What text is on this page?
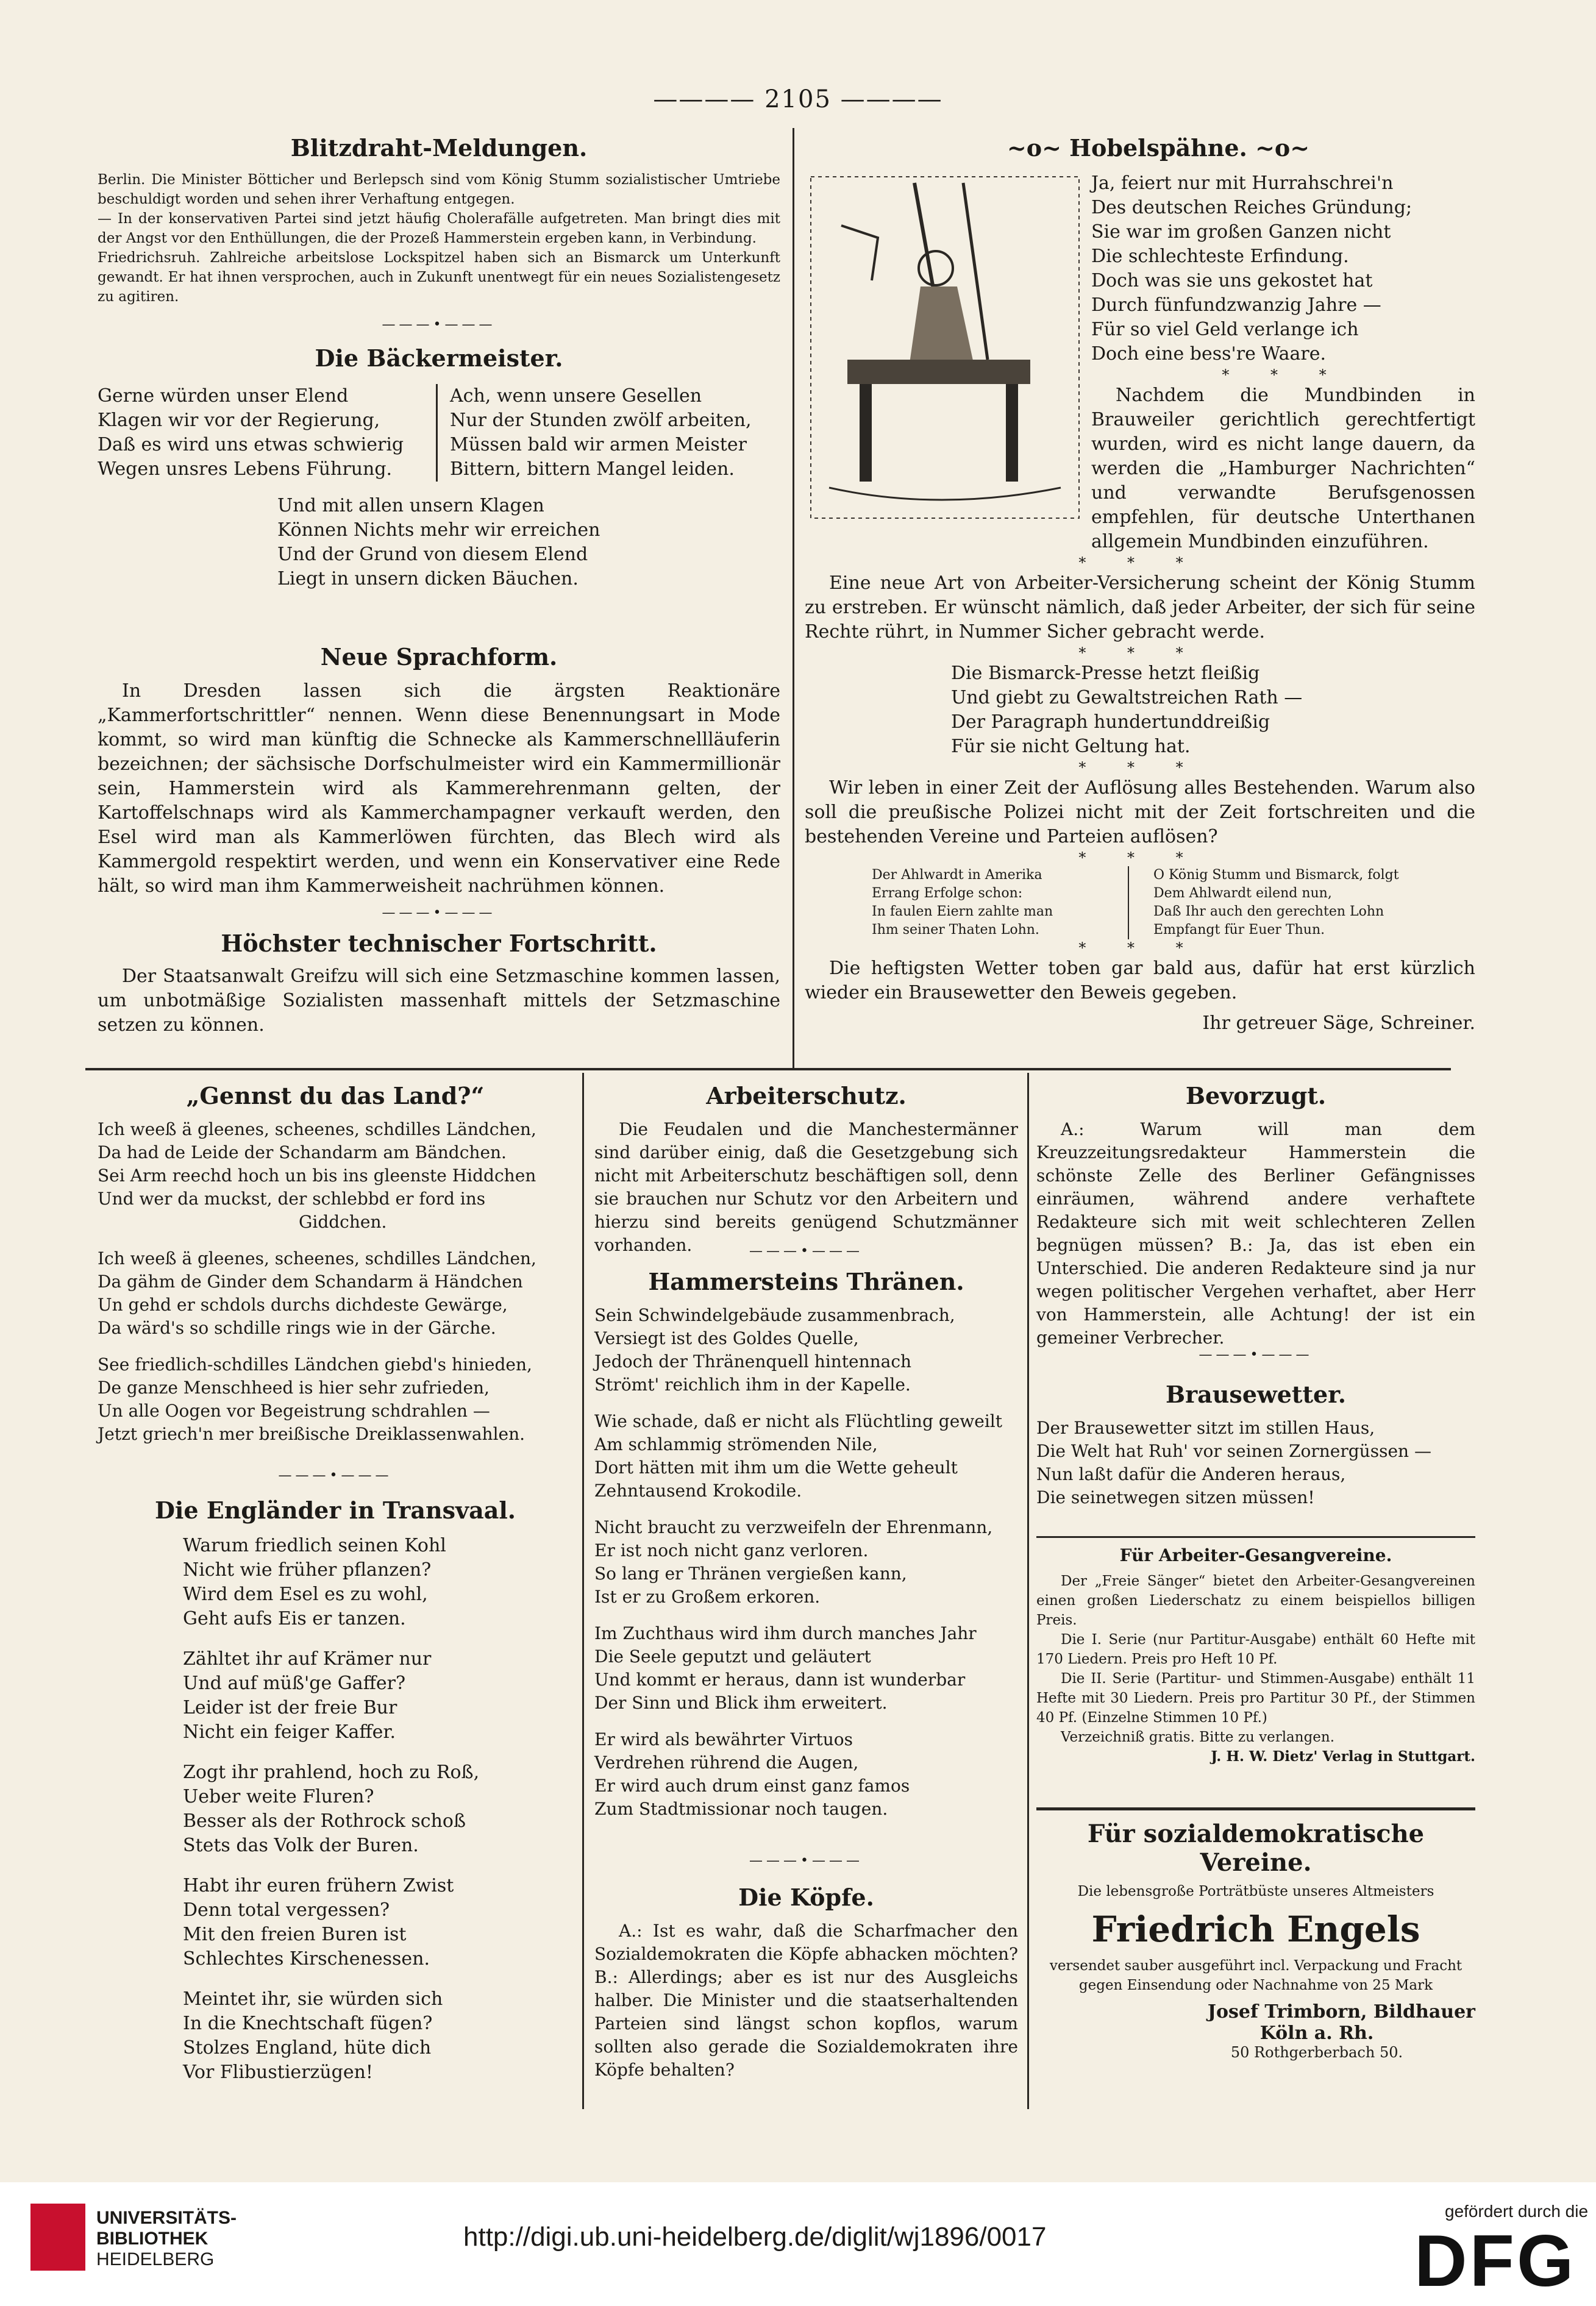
———— 2105 ————
Blitzdraht-Meldungen.
Berlin. Die Minister Bötticher und Berlepsch sind vom König Stumm sozialistischer Umtriebe beschuldigt worden und sehen ihrer Verhaftung entgegen.
— In der konservativen Partei sind jetzt häufig Cholerafälle aufgetreten. Man bringt dies mit der Angst vor den Enthüllungen, die der Prozeß Hammerstein ergeben kann, in Verbindung.
Friedrichsruh. Zahlreiche arbeitslose Lockspitzel haben sich an Bismarck um Unterkunft gewandt. Er hat ihnen versprochen, auch in Zukunft unentwegt für ein neues Sozialistengesetz zu agitiren.
———•———
Die Bäckermeister.
Gerne würden unser Elend
Klagen wir vor der Regierung,
Daß es wird uns etwas schwierig
Wegen unsres Lebens Führung.
Ach, wenn unsere Gesellen
Nur der Stunden zwölf arbeiten,
Müssen bald wir armen Meister
Bittern, bittern Mangel leiden.
Und mit allen unsern Klagen
Können Nichts mehr wir erreichen
Und der Grund von diesem Elend
Liegt in unsern dicken Bäuchen.
Neue Sprachform.
In Dresden lassen sich die ärgsten Reaktionäre „Kammerfortschrittler“ nennen. Wenn diese Benennungsart in Mode kommt, so wird man künftig die Schnecke als Kammerschnellläuferin bezeichnen; der sächsische Dorfschulmeister wird ein Kammermillionär sein, Hammerstein wird als Kammerehrenmann gelten, der Kartoffelschnaps wird als Kammerchampagner verkauft werden, den Esel wird man als Kammerlöwen fürchten, das Blech wird als Kammergold respektirt werden, und wenn ein Konservativer eine Rede hält, so wird man ihm Kammerweisheit nachrühmen können.
———•———
Höchster technischer Fortschritt.
Der Staatsanwalt Greifzu will sich eine Setzmaschine kommen lassen, um unbotmäßige Sozialisten massenhaft mittels der Setzmaschine setzen zu können.
~o~ Hobelspähne. ~o~
Ja, feiert nur mit Hurrahschrei'n
Des deutschen Reiches Gründung;
Sie war im großen Ganzen nicht
Die schlechteste Erfindung.
Doch was sie uns gekostet hat
Durch fünfundzwanzig Jahre —
Für so viel Geld verlange ich
Doch eine bess're Waare.
* * *
Nachdem die Mundbinden in Brauweiler gerichtlich gerechtfertigt wurden, wird es nicht lange dauern, da werden die „Hamburger Nachrichten“ und verwandte Berufsgenossen empfehlen, für deutsche Unterthanen allgemein Mundbinden einzuführen.
* * *
Eine neue Art von Arbeiter-Versicherung scheint der König Stumm zu erstreben. Er wünscht nämlich, daß jeder Arbeiter, der sich für seine Rechte rührt, in Nummer Sicher gebracht werde.
* * *
Die Bismarck-Presse hetzt fleißig
Und giebt zu Gewaltstreichen Rath —
Der Paragraph hundertunddreißig
Für sie nicht Geltung hat.
* * *
Wir leben in einer Zeit der Auflösung alles Bestehenden. Warum also soll die preußische Polizei nicht mit der Zeit fortschreiten und die bestehenden Vereine und Parteien auflösen?
* * *
Der Ahlwardt in Amerika
Errang Erfolge schon:
In faulen Eiern zahlte man
Ihm seiner Thaten Lohn.
O König Stumm und Bismarck, folgt
Dem Ahlwardt eilend nun,
Daß Ihr auch den gerechten Lohn
Empfangt für Euer Thun.
* * *
Die heftigsten Wetter toben gar bald aus, dafür hat erst kürzlich wieder ein Brausewetter den Beweis gegeben.
Ihr getreuer Säge, Schreiner.
„Gennst du das Land?“
Ich weeß ä gleenes, scheenes, schdilles Ländchen,
Da had de Leide der Schandarm am Bändchen.
Sei Arm reechd hoch un bis ins gleenste Hiddchen
Und wer da muckst, der schlebbd er ford ins
Giddchen.
Ich weeß ä gleenes, scheenes, schdilles Ländchen,
Da gähm de Ginder dem Schandarm ä Händchen
Un gehd er schdols durchs dichdeste Gewärge,
Da wärd's so schdille rings wie in der Gärche.
See friedlich-schdilles Ländchen giebd's hinieden,
De ganze Menschheed is hier sehr zufrieden,
Un alle Oogen vor Begeistrung schdrahlen —
Jetzt griech'n mer breißische Dreiklassenwahlen.
———•———
Die Engländer in Transvaal.
Warum friedlich seinen Kohl
Nicht wie früher pflanzen?
Wird dem Esel es zu wohl,
Geht aufs Eis er tanzen.
Zähltet ihr auf Krämer nur
Und auf müß'ge Gaffer?
Leider ist der freie Bur
Nicht ein feiger Kaffer.
Zogt ihr prahlend, hoch zu Roß,
Ueber weite Fluren?
Besser als der Rothrock schoß
Stets das Volk der Buren.
Habt ihr euren frühern Zwist
Denn total vergessen?
Mit den freien Buren ist
Schlechtes Kirschenessen.
Meintet ihr, sie würden sich
In die Knechtschaft fügen?
Stolzes England, hüte dich
Vor Flibustierzügen!
Arbeiterschutz.
Die Feudalen und die Manchestermänner sind darüber einig, daß die Gesetzgebung sich nicht mit Arbeiterschutz beschäftigen soll, denn sie brauchen nur Schutz vor den Arbeitern und hierzu sind bereits genügend Schutzmänner vorhanden.	———•———
Hammersteins Thränen.
Sein Schwindelgebäude zusammenbrach,
Versiegt ist des Goldes Quelle,
Jedoch der Thränenquell hintennach
Strömt' reichlich ihm in der Kapelle.
Wie schade, daß er nicht als Flüchtling geweilt
Am schlammig strömenden Nile,
Dort hätten mit ihm um die Wette geheult
Zehntausend Krokodile.
Nicht braucht zu verzweifeln der Ehrenmann,
Er ist noch nicht ganz verloren.
So lang er Thränen vergießen kann,
Ist er zu Großem erkoren.
Im Zuchthaus wird ihm durch manches Jahr
Die Seele geputzt und geläutert
Und kommt er heraus, dann ist wunderbar
Der Sinn und Blick ihm erweitert.
Er wird als bewährter Virtuos
Verdrehen rührend die Augen,
Er wird auch drum einst ganz famos
Zum Stadtmissionar noch taugen.
———•———
Die Köpfe.
A.: Ist es wahr, daß die Scharfmacher den Sozialdemokraten die Köpfe abhacken möchten? B.: Allerdings; aber es ist nur des Ausgleichs halber. Die Minister und die staatserhaltenden Parteien sind längst schon kopflos, warum sollten also gerade die Sozialdemokraten ihre Köpfe behalten?
Bevorzugt.
A.: Warum will man dem Kreuzzeitungsredakteur Hammerstein die schönste Zelle des Berliner Gefängnisses einräumen, während andere verhaftete Redakteure sich mit weit schlechteren Zellen begnügen müssen? B.: Ja, das ist eben ein Unterschied. Die anderen Redakteure sind ja nur wegen politischer Vergehen verhaftet, aber Herr von Hammerstein, alle Achtung! der ist ein gemeiner Verbrecher.
———•———
Brausewetter.
Der Brausewetter sitzt im stillen Haus,
Die Welt hat Ruh' vor seinen Zornergüssen —
Nun laßt dafür die Anderen heraus,
Die seinetwegen sitzen müssen!
Für Arbeiter-Gesangvereine.
Der „Freie Sänger“ bietet den Arbeiter-Gesangvereinen einen großen Liederschatz zu einem beispiellos billigen Preis.
Die I. Serie (nur Partitur-Ausgabe) enthält 60 Hefte mit 170 Liedern. Preis pro Heft 10 Pf.
Die II. Serie (Partitur- und Stimmen-Ausgabe) enthält 11 Hefte mit 30 Liedern. Preis pro Partitur 30 Pf., der Stimmen 40 Pf. (Einzelne Stimmen 10 Pf.)
Verzeichniß gratis. Bitte zu verlangen.
J. H. W. Dietz' Verlag in Stuttgart.
Für sozialdemokratische Vereine.
Die lebensgroße Porträtbüste unseres Altmeisters
Friedrich Engels
versendet sauber ausgeführt incl. Verpackung und Fracht gegen Einsendung oder Nachnahme von 25 Mark
Josef Trimborn, Bildhauer
Köln a. Rh.
50 Rothgerberbach 50.
UNIVERSITÄTS-
BIBLIOTHEK
HEIDELBERG
http://digi.ub.uni-heidelberg.de/diglit/wj1896/0017
gefördert durch die
DFG
